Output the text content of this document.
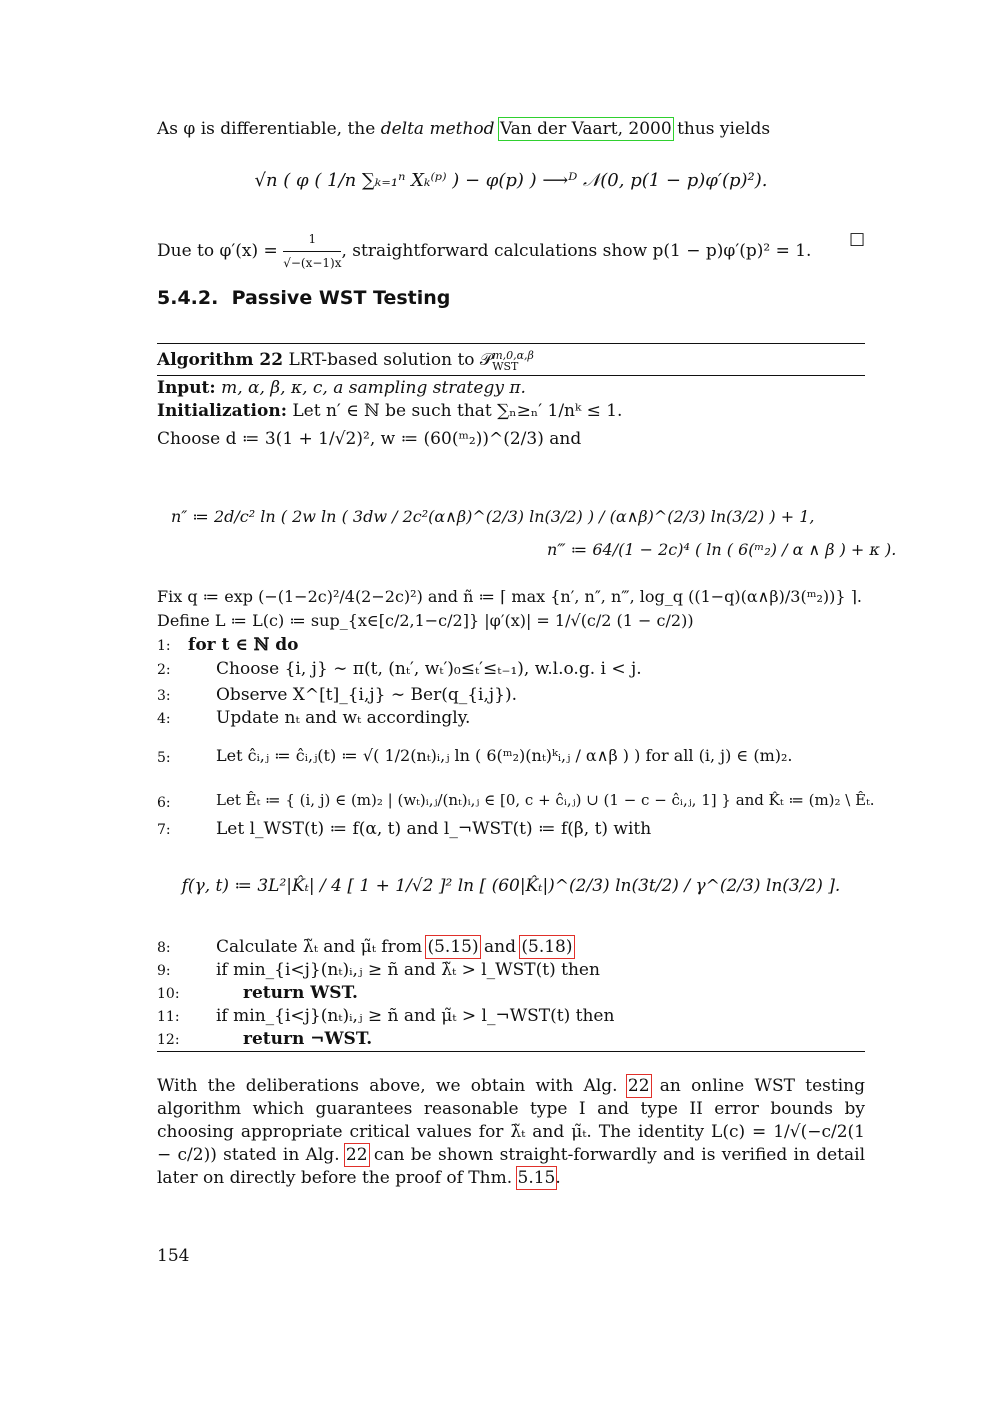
As φ is differentiable, the delta method Van der Vaart, 2000 thus yields
√n ( φ ( 1/n ∑ₖ₌₁ⁿ Xₖ⁽ᵖ⁾ ) − φ(p) ) ⟶ᴰ 𝒩(0, p(1 − p)φ′(p)²).
Due to $\varphi'(x) = \frac{1}{√-(x-1)x}$ , straightforward calculations show p(1 − p)φ′(p)² = 1.
□
5.4.2. Passive WST Testing
Algorithm 22 LRT-based solution to 𝒫 m,0,α,β
WST
Input: m, α, β, κ, c, a sampling strategy π.
Initialization: Let n′ ∈ ℕ be such that ∑ₙ≥ₙ′ 1/nᵏ ≤ 1.
Choose d ≔ 3(1 + 1/√2)², w ≔ (60(ᵐ₂))^(2/3) and
n″ ≔ 2d/c² ln ( 2w ln ( 3dw / 2c²(α∧β)^(2/3) ln(3/2) ) / (α∧β)^(2/3) ln(3/2) ) + 1,
n‴ ≔ 64/(1 − 2c)⁴ ( ln ( 6(ᵐ₂) / α ∧ β ) + κ ).
Fix q ≔ exp (−(1−2c)²/4(2−2c)²) and ñ ≔ ⌈ max {n′, n″, n‴, log_q ((1−q)(α∧β)/3(ᵐ₂))} ⌉.
Define L ≔ L(c) ≔ sup_{x∈[c/2,1−c/2]} |φ′(x)| = 1/√(c/2 (1 − c/2))
1:	for t ∈ ℕ do
2:	Choose {i, j} ∼ π(t, (nₜ′, wₜ′)₀≤ₜ′≤ₜ₋₁), w.l.o.g. i < j.
3:	Observe X^[t]_{i,j} ∼ Ber(q_{i,j}).
4:	Update nₜ and wₜ accordingly.
5:	Let ĉᵢ,ⱼ ≔ ĉᵢ,ⱼ(t) ≔ √( 1/2(nₜ)ᵢ,ⱼ ln ( 6(ᵐ₂)(nₜ)ᵏᵢ,ⱼ / α∧β ) ) for all (i, j) ∈ (m)₂.
6:	Let Êₜ ≔ { (i, j) ∈ (m)₂ | (wₜ)ᵢ,ⱼ/(nₜ)ᵢ,ⱼ ∈ [0, c + ĉᵢ,ⱼ) ∪ (1 − c − ĉᵢ,ⱼ, 1] } and K̂ₜ ≔ (m)₂ \ Êₜ.
7:	Let l_WST(t) ≔ f(α, t) and l_¬WST(t) ≔ f(β, t) with
f(γ, t) ≔ 3L²|K̂ₜ| / 4 [ 1 + 1/√2 ]² ln [ (60|K̂ₜ|)^(2/3) ln(3t/2) / γ^(2/3) ln(3/2) ].
8:	Calculate λ̃ₜ and μ̃ₜ from (5.15) and (5.18)
9:	if min_{i<j}(nₜ)ᵢ,ⱼ ≥ ñ and λ̃ₜ > l_WST(t) then
10:	return WST.
11:	if min_{i<j}(nₜ)ᵢ,ⱼ ≥ ñ and μ̃ₜ > l_¬WST(t) then
12:	return ¬WST.
With the deliberations above, we obtain with Alg. 22 an online WST testing algorithm which guarantees reasonable type I and type II error bounds by choosing appropriate critical values for λ̃ₜ and μ̃ₜ. The identity L(c) = 1/√(−c/2(1 − c/2)) stated in Alg. 22 can be shown straight-forwardly and is verified in detail later on directly before the proof of Thm. 5.15.
154
